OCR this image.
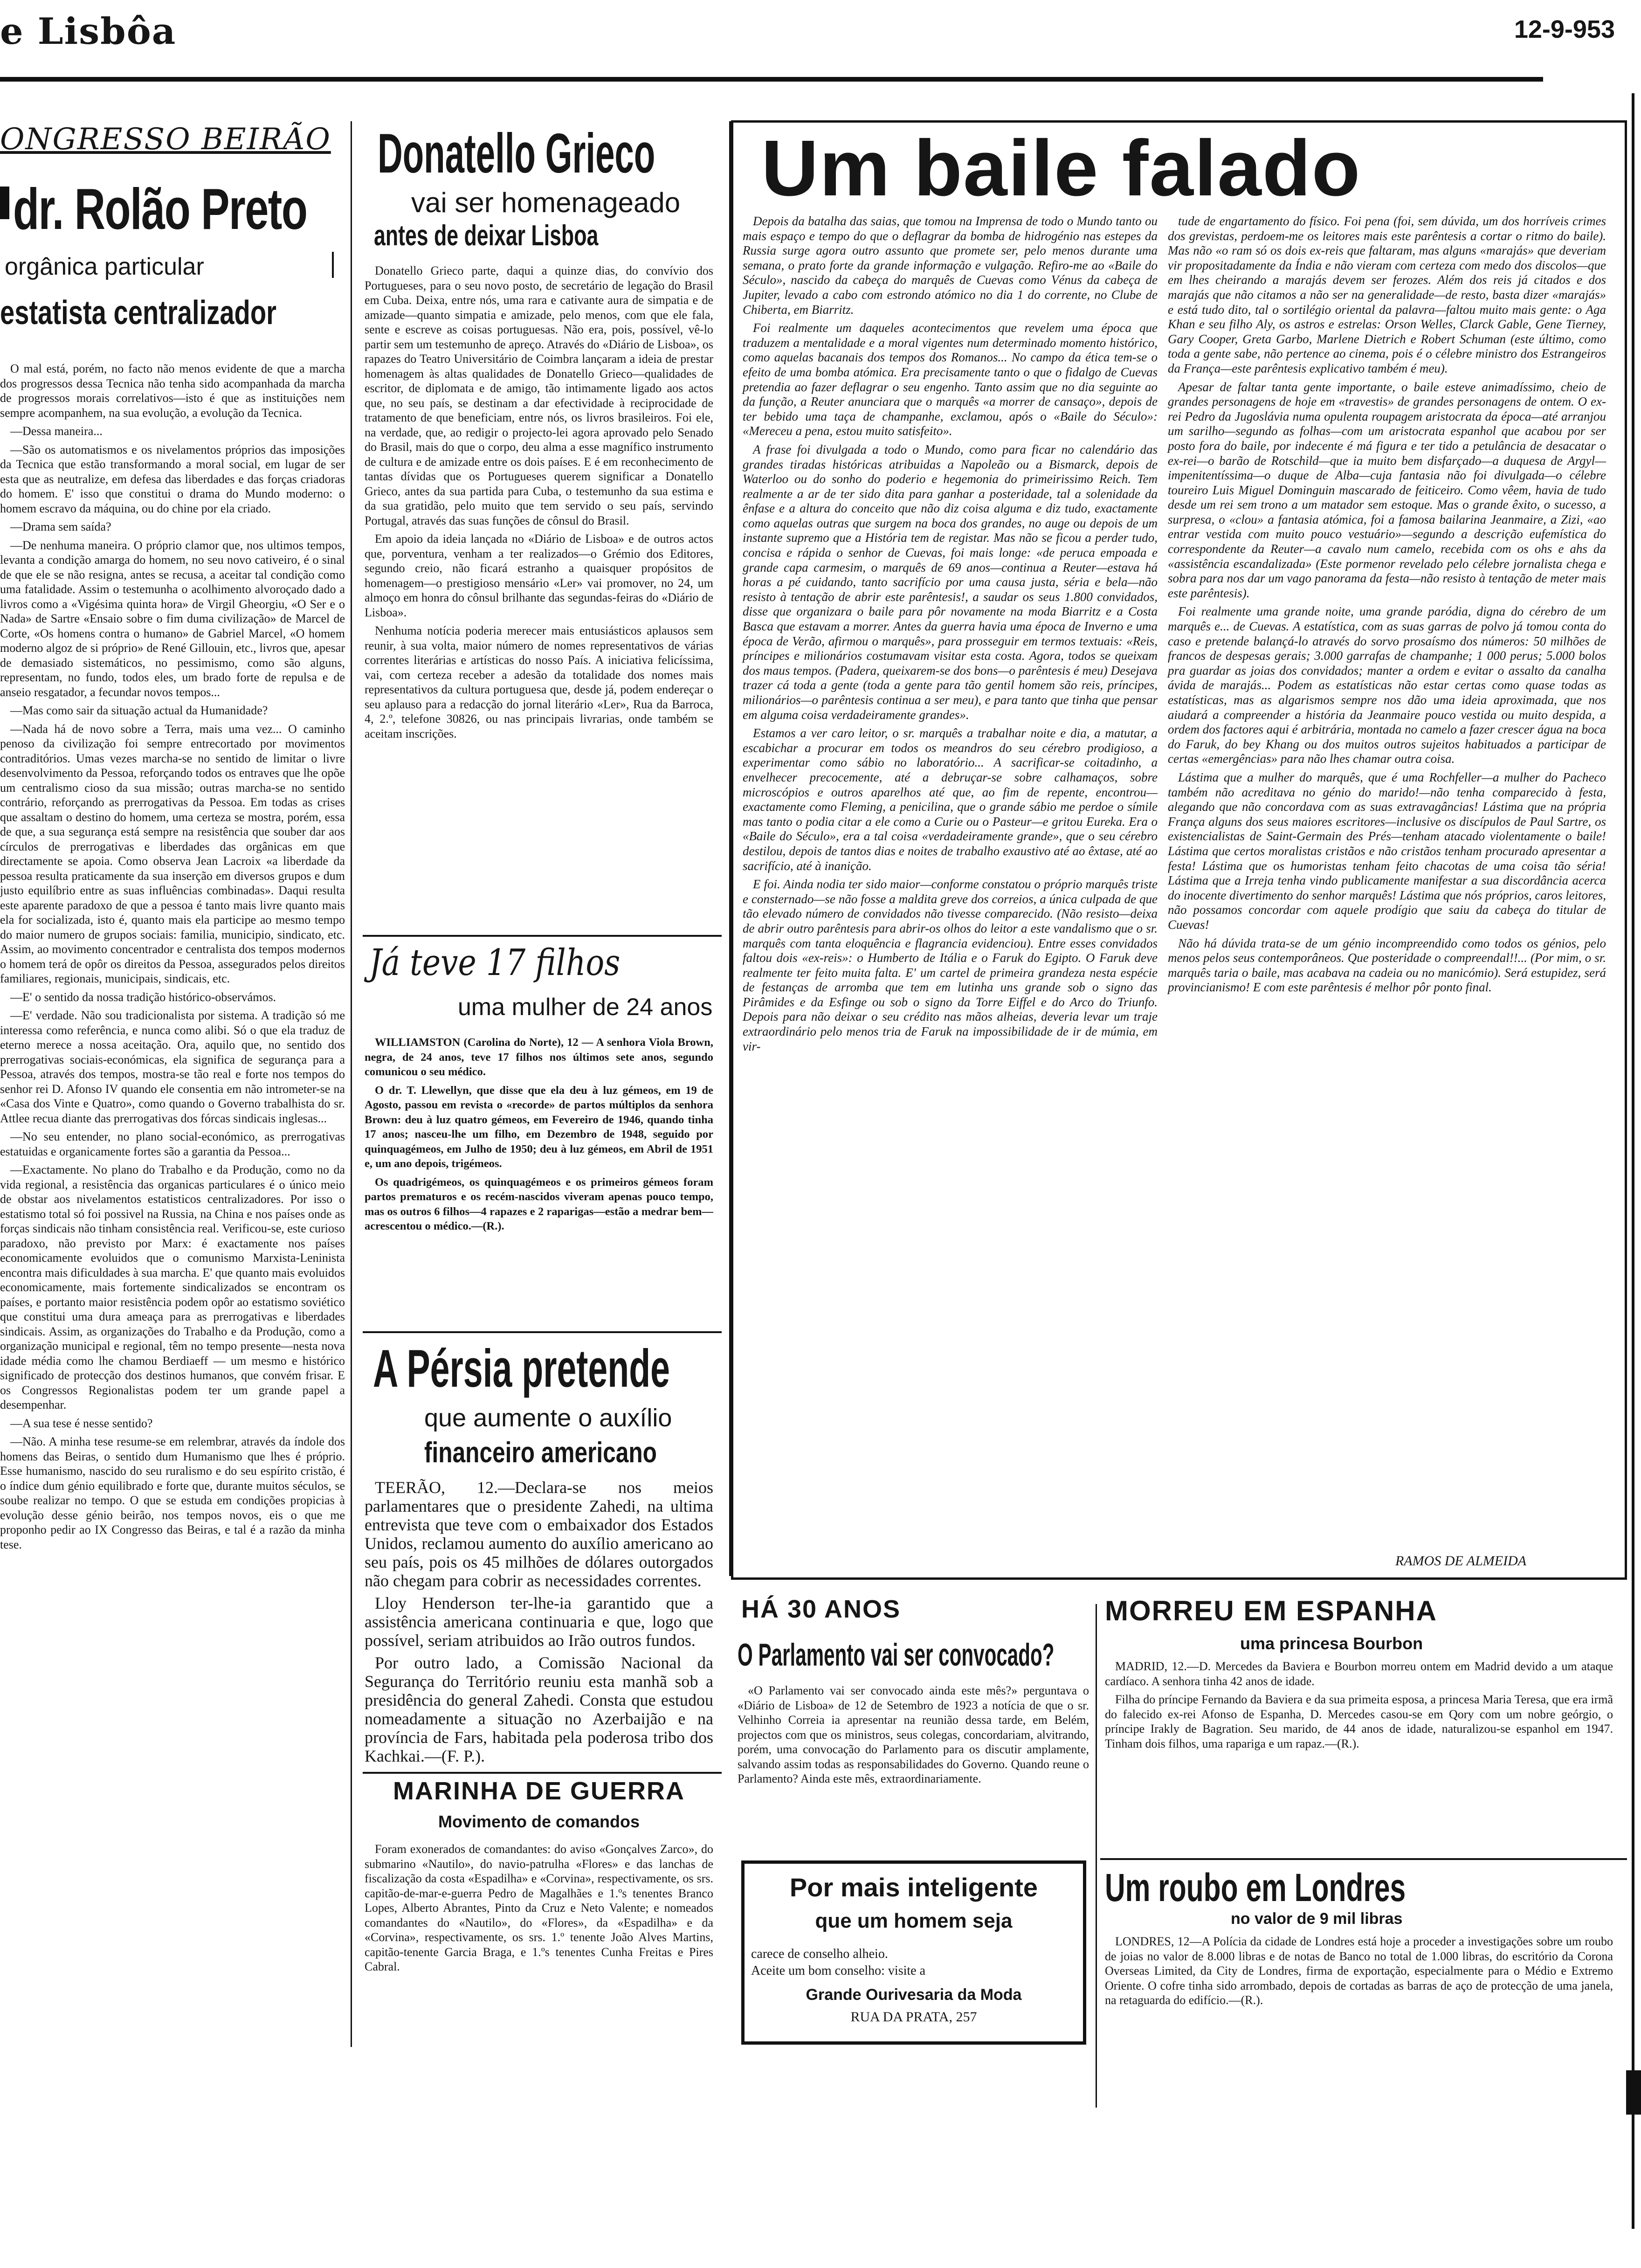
e Lisbôa	12-9-953
ONGRESSO BEIRÃO
dr. Rolão Preto
orgânica particular
estatista centralizador

O mal está, porém, no facto não menos evidente de que a marcha dos progressos dessa Tecnica não tenha sido acompanhada da marcha de progressos morais correlativos—isto é que as instituições nem sempre acompanhem, na sua evolução, a evolução da Tecnica.

—Dessa maneira...

—São os automatismos e os nivelamentos próprios das imposições da Tecnica que estão transformando a moral social, em lugar de ser esta que as neutralize, em defesa das liberdades e das forças criadoras do homem. E' isso que constitui o drama do Mundo moderno: o homem escravo da máquina, ou do chine por ela criado.

—Drama sem saída?

—De nenhuma maneira. O próprio clamor que, nos ultimos tempos, levanta a condição amarga do homem, no seu novo cativeiro, é o sinal de que ele se não resigna, antes se recusa, a aceitar tal condição como uma fatalidade. Assim o testemunha o acolhimento alvoroçado dado a livros como a «Vigésima quinta hora» de Virgil Gheorgiu, «O Ser e o Nada» de Sartre «Ensaio sobre o fim duma civilização» de Marcel de Corte, «Os homens contra o humano» de Gabriel Marcel, «O homem moderno algoz de si próprio» de René Gillouin, etc., livros que, apesar de demasiado sistemáticos, no pessimismo, como são alguns, representam, no fundo, todos eles, um brado forte de repulsa e de anseio resgatador, a fecundar novos tempos...

—Mas como sair da situação actual da Humanidade?

—Nada há de novo sobre a Terra, mais uma vez... O caminho penoso da civilização foi sempre entrecortado por movimentos contraditórios. Umas vezes marcha-se no sentido de limitar o livre desenvolvimento da Pessoa, reforçando todos os entraves que lhe opõe um centralismo cioso da sua missão; outras marcha-se no sentido contrário, reforçando as prerrogativas da Pessoa. Em todas as crises que assaltam o destino do homem, uma certeza se mostra, porém, essa de que, a sua segurança está sempre na resistência que souber dar aos círculos de prerrogativas e liberdades das orgânicas em que directamente se apoia. Como observa Jean Lacroix «a liberdade da pessoa resulta praticamente da sua inserção em diversos grupos e dum justo equilíbrio entre as suas influências combinadas». Daqui resulta este aparente paradoxo de que a pessoa é tanto mais livre quanto mais ela for socializada, isto é, quanto mais ela participe ao mesmo tempo do maior numero de grupos sociais: familia, municipio, sindicato, etc. Assim, ao movimento concentrador e centralista dos tempos modernos o homem terá de opôr os direitos da Pessoa, assegurados pelos direitos familiares, regionais, municipais, sindicais, etc.

—E' o sentido da nossa tradição histórico-observámos.

—E' verdade. Não sou tradicionalista por sistema. A tradição só me interessa como referência, e nunca como alibi. Só o que ela traduz de eterno merece a nossa aceitação. Ora, aquilo que, no sentido dos prerrogativas sociais-económicas, ela significa de segurança para a Pessoa, através dos tempos, mostra-se tão real e forte nos tempos do senhor rei D. Afonso IV quando ele consentia em não intrometer-se na «Casa dos Vinte e Quatro», como quando o Governo trabalhista do sr. Attlee recua diante das prerrogativas dos fórcas sindicais inglesas...

—No seu entender, no plano social-económico, as prerrogativas estatuidas e organicamente fortes são a garantia da Pessoa...

—Exactamente. No plano do Trabalho e da Produção, como no da vida regional, a resistência das organicas particulares é o único meio de obstar aos nivelamentos estatisticos centralizadores. Por isso o estatismo total só foi possivel na Russia, na China e nos países onde as forças sindicais não tinham consistência real. Verificou-se, este curioso paradoxo, não previsto por Marx: é exactamente nos países economicamente evoluidos que o comunismo Marxista-Leninista encontra mais dificuldades à sua marcha. E' que quanto mais evoluidos economicamente, mais fortemente sindicalizados se encontram os países, e portanto maior resistência podem opôr ao estatismo soviético que constitui uma dura ameaça para as prerrogativas e liberdades sindicais. Assim, as organizações do Trabalho e da Produção, como a organização municipal e regional, têm no tempo presente—nesta nova idade média como lhe chamou Berdiaeff — um mesmo e histórico significado de protecção dos destinos humanos, que convém frisar. E os Congressos Regionalistas podem ter um grande papel a desempenhar.

—A sua tese é nesse sentido?

—Não. A minha tese resume-se em relembrar, através da índole dos homens das Beiras, o sentido dum Humanismo que lhes é próprio. Esse humanismo, nascido do seu ruralismo e do seu espírito cristão, é o índice dum génio equilibrado e forte que, durante muitos séculos, se soube realizar no tempo. O que se estuda em condições propicias à evolução desse génio beirão, nos tempos novos, eis o que me proponho pedir ao IX Congresso das Beiras, e tal é a razão da minha tese.

Donatello Grieco
vai ser homenageado
antes de deixar Lisboa

Donatello Grieco parte, daqui a quinze dias, do convívio dos Portugueses, para o seu novo posto, de secretário de legação do Brasil em Cuba. Deixa, entre nós, uma rara e cativante aura de simpatia e de amizade—quanto simpatia e amizade, pelo menos, com que ele fala, sente e escreve as coisas portuguesas. Não era, pois, possível, vê-lo partir sem um testemunho de apreço. Através do «Diário de Lisboa», os rapazes do Teatro Universitário de Coimbra lançaram a ideia de prestar homenagem às altas qualidades de Donatello Grieco—qualidades de escritor, de diplomata e de amigo, tão intimamente ligado aos actos que, no seu país, se destinam a dar efectividade à reciprocidade de tratamento de que beneficiam, entre nós, os livros brasileiros. Foi ele, na verdade, que, ao redigir o projecto-lei agora aprovado pelo Senado do Brasil, mais do que o corpo, deu alma a esse magnífico instrumento de cultura e de amizade entre os dois países. E é em reconhecimento de tantas dívidas que os Portugueses querem significar a Donatello Grieco, antes da sua partida para Cuba, o testemunho da sua estima e da sua gratidão, pelo muito que tem servido o seu país, servindo Portugal, através das suas funções de cônsul do Brasil.

Em apoio da ideia lançada no «Diário de Lisboa» e de outros actos que, porventura, venham a ter realizados—o Grémio dos Editores, segundo creio, não ficará estranho a quaisquer propósitos de homenagem—o prestigioso mensário «Ler» vai promover, no 24, um almoço em honra do cônsul brilhante das segundas-feiras do «Diário de Lisboa».

Nenhuma notícia poderia merecer mais entusiásticos aplausos sem reunir, à sua volta, maior número de nomes representativos de várias correntes literárias e artísticas do nosso País. A iniciativa felicíssima, vai, com certeza receber a adesão da totalidade dos nomes mais representativos da cultura portuguesa que, desde já, podem endereçar o seu aplauso para a redacção do jornal literário «Ler», Rua da Barroca, 4, 2.º, telefone 30826, ou nas principais livrarias, onde também se aceitam inscrições.

Já teve 17 filhos
uma mulher de 24 anos

WILLIAMSTON (Carolina do Norte), 12 — A senhora Viola Brown, negra, de 24 anos, teve 17 filhos nos últimos sete anos, segundo comunicou o seu médico.

O dr. T. Llewellyn, que disse que ela deu à luz gémeos, em 19 de Agosto, passou em revista o «recorde» de partos múltiplos da senhora Brown: deu à luz quatro gémeos, em Fevereiro de 1946, quando tinha 17 anos; nasceu-lhe um filho, em Dezembro de 1948, seguido por quinquagémeos, em Julho de 1950; deu à luz gémeos, em Abril de 1951 e, um ano depois, trigémeos.

Os quadrigémeos, os quinquagémeos e os primeiros gémeos foram partos prematuros e os recém-nascidos viveram apenas pouco tempo, mas os outros 6 filhos—4 rapazes e 2 raparigas—estão a medrar bem—acrescentou o médico.—(R.).

A Pérsia pretende
que aumente o auxílio
financeiro americano

TEERÃO, 12.—Declara-se nos meios parlamentares que o presidente Zahedi, na ultima entrevista que teve com o embaixador dos Estados Unidos, reclamou aumento do auxílio americano ao seu país, pois os 45 milhões de dólares outorgados não chegam para cobrir as necessidades correntes.

Lloy Henderson ter-lhe-ia garantido que a assistência americana continuaria e que, logo que possível, seriam atribuidos ao Irão outros fundos.

Por outro lado, a Comissão Nacional da Segurança do Território reuniu esta manhã sob a presidência do general Zahedi. Consta que estudou nomeadamente a situação no Azerbaijão e na província de Fars, habitada pela poderosa tribo dos Kachkai.—(F. P.).

MARINHA DE GUERRA
Movimento de comandos

Foram exonerados de comandantes: do aviso «Gonçalves Zarco», do submarino «Nautilo», do navio-patrulha «Flores» e das lanchas de fiscalização da costa «Espadilha» e «Corvina», respectivamente, os srs. capitão-de-mar-e-guerra Pedro de Magalhães e 1.ºs tenentes Branco Lopes, Alberto Abrantes, Pinto da Cruz e Neto Valente; e nomeados comandantes do «Nautilo», do «Flores», da «Espadilha» e da «Corvina», respectivamente, os srs. 1.º tenente João Alves Martins, capitão-tenente Garcia Braga, e 1.ºs tenentes Cunha Freitas e Pires Cabral.

Um baile falado

Depois da batalha das saias, que tomou na Imprensa de todo o Mundo tanto ou mais espaço e tempo do que o deflagrar da bomba de hidrogénio nas estepes da Russia surge agora outro assunto que promete ser, pelo menos durante uma semana, o prato forte da grande informação e vulgação. Refiro-me ao «Baile do Século», nascido da cabeça do marquês de Cuevas como Vénus da cabeça de Jupiter, levado a cabo com estrondo atómico no dia 1 do corrente, no Clube de Chiberta, em Biarritz.

Foi realmente um daqueles acontecimentos que revelem uma época que traduzem a mentalidade e a moral vigentes num determinado momento histórico, como aquelas bacanais dos tempos dos Romanos... No campo da ética tem-se o efeito de uma bomba atómica. Era precisamente tanto o que o fidalgo de Cuevas pretendia ao fazer deflagrar o seu engenho. Tanto assim que no dia seguinte ao da função, a Reuter anunciara que o marquês «a morrer de cansaço», depois de ter bebido uma taça de champanhe, exclamou, após o «Baile do Século»: «Mereceu a pena, estou muito satisfeito».

A frase foi divulgada a todo o Mundo, como para ficar no calendário das grandes tiradas históricas atribuidas a Napoleão ou a Bismarck, depois de Waterloo ou do sonho do poderio e hegemonia do primeirissimo Reich. Tem realmente a ar de ter sido dita para ganhar a posteridade, tal a solenidade da ênfase e a altura do conceito que não diz coisa alguma e diz tudo, exactamente como aquelas outras que surgem na boca dos grandes, no auge ou depois de um instante supremo que a História tem de registar. Mas não se ficou a perder tudo, concisa e rápida o senhor de Cuevas, foi mais longe: «de peruca empoada e grande capa carmesim, o marquês de 69 anos—continua a Reuter—estava há horas a pé cuidando, tanto sacrifício por uma causa justa, séria e bela—não resisto à tentação de abrir este parêntesis!, a saudar os seus 1.800 convidados, disse que organizara o baile para pôr novamente na moda Biarritz e a Costa Basca que estavam a morrer. Antes da guerra havia uma época de Inverno e uma época de Verão, afirmou o marquês», para prosseguir em termos textuais: «Reis, príncipes e milionários costumavam visitar esta costa. Agora, todos se queixam dos maus tempos. (Padera, queixarem-se dos bons—o parêntesis é meu) Desejava trazer cá toda a gente (toda a gente para tão gentil homem são reis, príncipes, milionários—o parêntesis continua a ser meu), e para tanto que tinha que pensar em alguma coisa verdadeiramente grandes».

Estamos a ver caro leitor, o sr. marquês a trabalhar noite e dia, a matutar, a escabichar a procurar em todos os meandros do seu cérebro prodigioso, a experimentar como sábio no laboratório... A sacrificar-se coitadinho, a envelhecer precocemente, até a debruçar-se sobre calhamaços, sobre microscópios e outros aparelhos até que, ao fim de repente, encontrou—exactamente como Fleming, a penicilina, que o grande sábio me perdoe o símile mas tanto o podia citar a ele como a Curie ou o Pasteur—e gritou Eureka. Era o «Baile do Século», era a tal coisa «verdadeiramente grande», que o seu cérebro destilou, depois de tantos dias e noites de trabalho exaustivo até ao êxtase, até ao sacrifício, até à inanição.

E foi. Ainda nodia ter sido maior—conforme constatou o próprio marquês triste e consternado—se não fosse a maldita greve dos correios, a única culpada de que tão elevado número de convidados não tivesse comparecido. (Não resisto—deixa de abrir outro parêntesis para abrir-os olhos do leitor a este vandalismo que o sr. marquês com tanta eloquência e flagrancia evidenciou). Entre esses convidados faltou dois «ex-reis»: o Humberto de Itália e o Faruk do Egipto. O Faruk deve realmente ter feito muita falta. E' um cartel de primeira grandeza nesta espécie de festanças de arromba que tem em lutinha uns grande sob o signo das Pirâmides e da Esfinge ou sob o signo da Torre Eiffel e do Arco do Triunfo. Depois para não deixar o seu crédito nas mãos alheias, deveria levar um traje extraordinário pelo menos tria de Faruk na impossibilidade de ir de múmia, em vir-

tude de engartamento do físico. Foi pena (foi, sem dúvida, um dos horríveis crimes dos grevistas, perdoem-me os leitores mais este parêntesis a cortar o ritmo do baile). Mas não «o ram só os dois ex-reis que faltaram, mas alguns «marajás» que deveriam vir propositadamente da Índia e não vieram com certeza com medo dos discolos—que em lhes cheirando a marajás devem ser ferozes. Além dos reis já citados e dos marajás que não citamos a não ser na generalidade—de resto, basta dizer «marajás» e está tudo dito, tal o sortilégio oriental da palavra—faltou muito mais gente: o Aga Khan e seu filho Aly, os astros e estrelas: Orson Welles, Clarck Gable, Gene Tierney, Gary Cooper, Greta Garbo, Marlene Dietrich e Robert Schuman (este último, como toda a gente sabe, não pertence ao cinema, pois é o célebre ministro dos Estrangeiros da França—este parêntesis explicativo também é meu).

Apesar de faltar tanta gente importante, o baile esteve animadíssimo, cheio de grandes personagens de hoje em «travestis» de grandes personagens de ontem. O ex-rei Pedro da Jugoslávia numa opulenta roupagem aristocrata da época—até arranjou um sarilho—segundo as folhas—com um aristocrata espanhol que acabou por ser posto fora do baile, por indecente é má figura e ter tido a petulância de desacatar o ex-rei—o barão de Rotschild—que ia muito bem disfarçado—a duquesa de Argyl—impenitentíssima—o duque de Alba—cuja fantasia não foi divulgada—o célebre toureiro Luis Miguel Dominguin mascarado de feiticeiro. Como vêem, havia de tudo desde um rei sem trono a um matador sem estoque. Mas o grande êxito, o sucesso, a surpresa, o «clou» a fantasia atómica, foi a famosa bailarina Jeanmaire, a Zizi, «ao entrar vestida com muito pouco vestuário»—segundo a descrição eufemística do correspondente da Reuter—a cavalo num camelo, recebida com os ohs e ahs da «assistência escandalizada» (Este pormenor revelado pelo célebre jornalista chega e sobra para nos dar um vago panorama da festa—não resisto à tentação de meter mais este parêntesis).

Foi realmente uma grande noite, uma grande paródia, digna do cérebro de um marquês e... de Cuevas. A estatística, com as suas garras de polvo já tomou conta do caso e pretende balançá-lo através do sorvo prosaísmo dos números: 50 milhões de francos de despesas gerais; 3.000 garrafas de champanhe; 1 000 perus; 5.000 bolos pra guardar as joias dos convidados; manter a ordem e evitar o assalto da canalha ávida de marajás... Podem as estatísticas não estar certas como quase todas as estatísticas, mas as algarismos sempre nos dão uma ideia aproximada, que nos aiudará a compreender a história da Jeanmaire pouco vestida ou muito despida, a ordem dos factores aqui é arbitrária, montada no camelo a fazer crescer água na boca do Faruk, do bey Khang ou dos muitos outros sujeitos habituados a participar de certas «emergências» para não lhes chamar outra coisa.

Lástima que a mulher do marquês, que é uma Rochfeller—a mulher do Pacheco também não acreditava no génio do marido!—não tenha comparecido à festa, alegando que não concordava com as suas extravagâncias! Lástima que na própria França alguns dos seus maiores escritores—inclusive os discípulos de Paul Sartre, os existencialistas de Saint-Germain des Prés—tenham atacado violentamente o baile! Lástima que certos moralistas cristãos e não cristãos tenham procurado apresentar a festa! Lástima que os humoristas tenham feito chacotas de uma coisa tão séria! Lástima que a Irreja tenha vindo publicamente manifestar a sua discordância acerca do inocente divertimento do senhor marquês! Lástima que nós próprios, caros leitores, não possamos concordar com aquele prodígio que saiu da cabeça do titular de Cuevas!

Não há dúvida trata-se de um génio incompreendido como todos os génios, pelo menos pelos seus contemporâneos. Que posteridade o compreendal!!... (Por mim, o sr. marquês taria o baile, mas acabava na cadeia ou no manicómio). Será estupidez, será provincianismo! E com este parêntesis é melhor pôr ponto final.

RAMOS DE ALMEIDA
HÁ 30 ANOS
O Parlamento vai ser convocado?

«O Parlamento vai ser convocado ainda este mês?» perguntava o «Diário de Lisboa» de 12 de Setembro de 1923 a notícia de que o sr. Velhinho Correia ia apresentar na reunião dessa tarde, em Belém, projectos com que os ministros, seus colegas, concordariam, alvitrando, porém, uma convocação do Parlamento para os discutir amplamente, salvando assim todas as responsabilidades do Governo. Quando reune o Parlamento? Ainda este mês, extraordinariamente.

Por mais inteligente
que um homem seja
carece de conselho alheio.
Aceite um bom conselho: visite a
Grande Ourivesaria da Moda
RUA DA PRATA, 257
MORREU EM ESPANHA
uma princesa Bourbon

MADRID, 12.—D. Mercedes da Baviera e Bourbon morreu ontem em Madrid devido a um ataque cardíaco. A senhora tinha 42 anos de idade.

Filha do príncipe Fernando da Baviera e da sua primeita esposa, a princesa Maria Teresa, que era irmã do falecido ex-rei Afonso de Espanha, D. Mercedes casou-se em Qory com um nobre geórgio, o príncipe Irakly de Bagration. Seu marido, de 44 anos de idade, naturalizou-se espanhol em 1947. Tinham dois filhos, uma rapariga e um rapaz.—(R.).

Um roubo em Londres
no valor de 9 mil libras

LONDRES, 12—A Polícia da cidade de Londres está hoje a proceder a investigações sobre um roubo de joias no valor de 8.000 libras e de notas de Banco no total de 1.000 libras, do escritório da Corona Overseas Limited, da City de Londres, firma de exportação, especialmente para o Médio e Extremo Oriente. O cofre tinha sido arrombado, depois de cortadas as barras de aço de protecção de uma janela, na retaguarda do edifício.—(R.).
